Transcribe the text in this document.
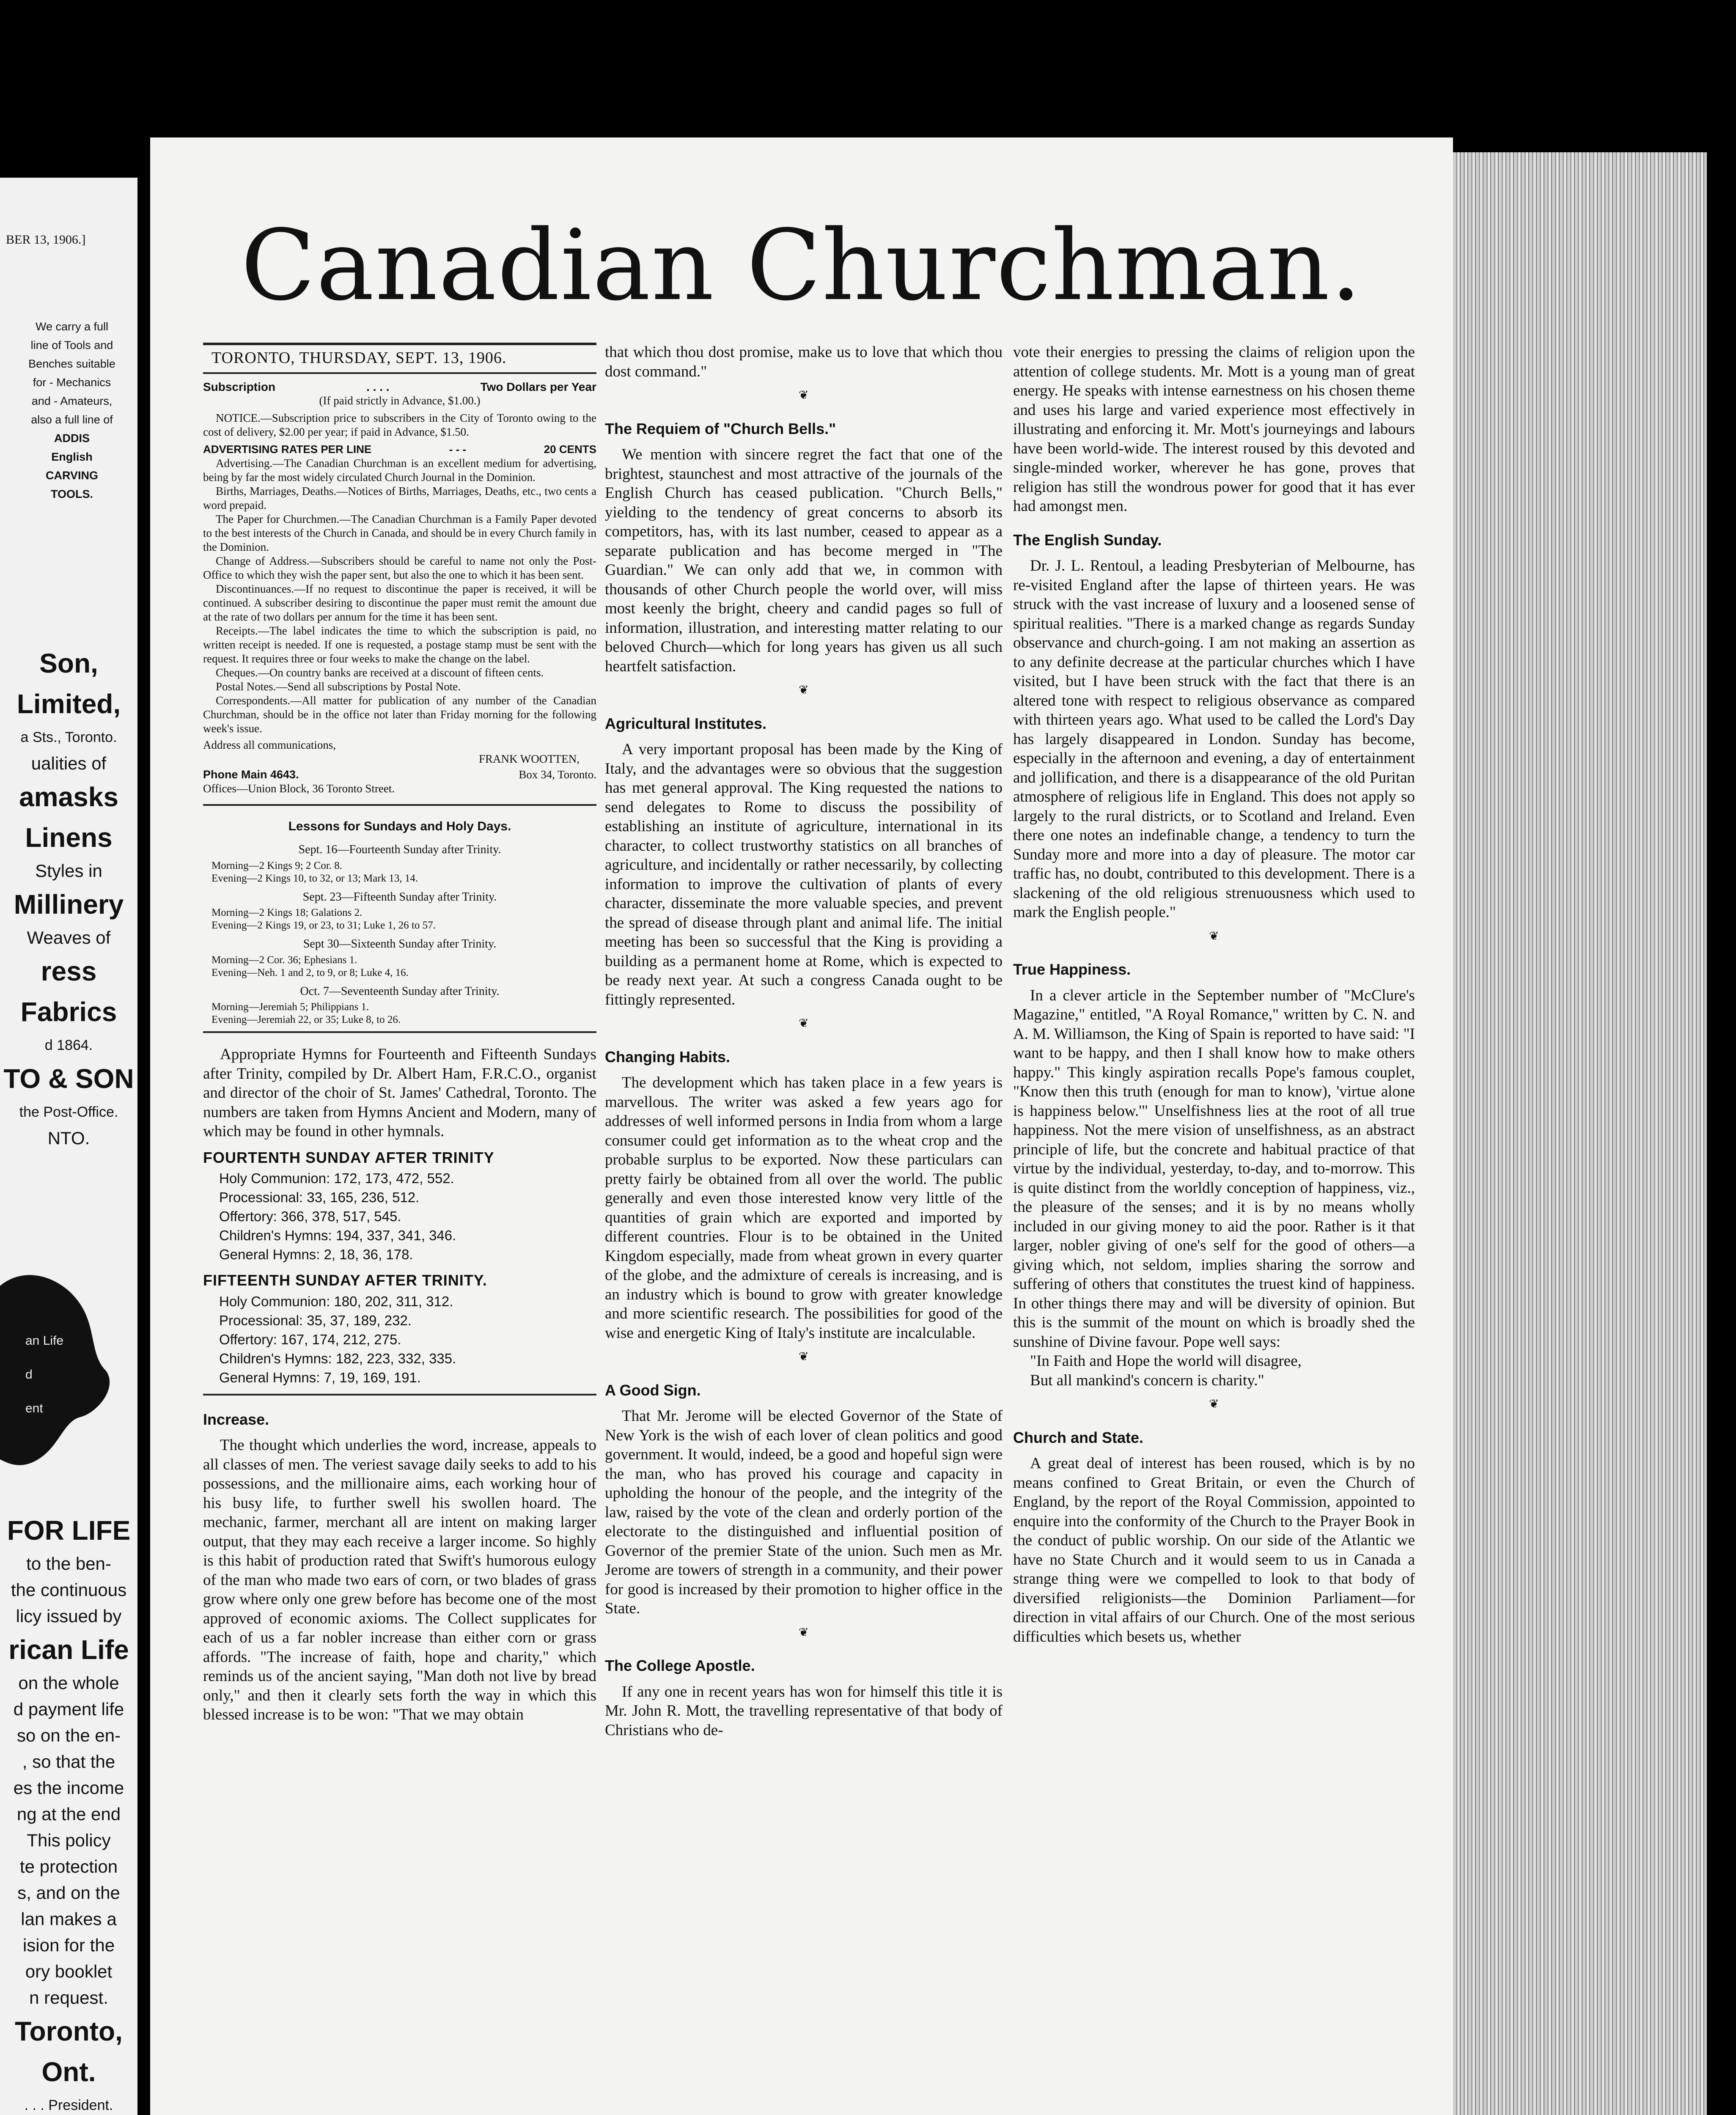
BER 13, 1906.]
We carry a full
line of Tools and
Benches suitable
for - Mechanics
and - Amateurs,
also a full line of
ADDIS
English
CARVING
TOOLS.
Son, Limited,
a Sts., Toronto.
ualities of
amasks
Linens
Styles in
Millinery
Weaves of
ress Fabrics
d 1864.
TO & SON
the Post-Office.
NTO.
an Life
d
ent
FOR LIFE
to the ben-
the continuous
licy issued by
rican Life
on the whole
d payment life
so on the en-
, so that the
es the income
ng at the end
This policy
te protection
s, and on the
lan makes a
ision for the
ory booklet
n request.
Toronto, Ont.
. . . President.
Canadian Churchman.
TORONTO, THURSDAY, SEPT. 13, 1906.
Subscription	. . . .	Two Dollars per Year
(If paid strictly in Advance, $1.00.)

NOTICE.—Subscription price to subscribers in the City of Toronto owing to the cost of delivery, $2.00 per year; if paid in Advance, $1.50.

ADVERTISING RATES PER LINE	- - -	20 CENTS

Advertising.—The Canadian Churchman is an excellent medium for advertising, being by far the most widely circulated Church Journal in the Dominion.

Births, Marriages, Deaths.—Notices of Births, Marriages, Deaths, etc., two cents a word prepaid.

The Paper for Churchmen.—The Canadian Churchman is a Family Paper devoted to the best interests of the Church in Canada, and should be in every Church family in the Dominion.

Change of Address.—Subscribers should be careful to name not only the Post-Office to which they wish the paper sent, but also the one to which it has been sent.

Discontinuances.—If no request to discontinue the paper is received, it will be continued. A subscriber desiring to discontinue the paper must remit the amount due at the rate of two dollars per annum for the time it has been sent.

Receipts.—The label indicates the time to which the subscription is paid, no written receipt is needed. If one is requested, a postage stamp must be sent with the request. It requires three or four weeks to make the change on the label.

Cheques.—On country banks are received at a discount of fifteen cents.

Postal Notes.—Send all subscriptions by Postal Note.

Correspondents.—All matter for publication of any number of the Canadian Churchman, should be in the office not later than Friday morning for the following week's issue.

Address all communications,
FRANK WOOTTEN,
Phone Main 4643.	Box 34, Toronto.
Offices—Union Block, 36 Toronto Street.
Lessons for Sundays and Holy Days.
Sept. 16—Fourteenth Sunday after Trinity.
Morning—2 Kings 9; 2 Cor. 8.
Evening—2 Kings 10, to 32, or 13; Mark 13, 14.
Sept. 23—Fifteenth Sunday after Trinity.
Morning—2 Kings 18; Galations 2.
Evening—2 Kings 19, or 23, to 31; Luke 1, 26 to 57.
Sept 30—Sixteenth Sunday after Trinity.
Morning—2 Cor. 36; Ephesians 1.
Evening—Neh. 1 and 2, to 9, or 8; Luke 4, 16.
Oct. 7—Seventeenth Sunday after Trinity.
Morning—Jeremiah 5; Philippians 1.
Evening—Jeremiah 22, or 35; Luke 8, to 26.

Appropriate Hymns for Fourteenth and Fifteenth Sundays after Trinity, compiled by Dr. Albert Ham, F.R.C.O., organist and director of the choir of St. James' Cathedral, Toronto. The numbers are taken from Hymns Ancient and Modern, many of which may be found in other hymnals.

FOURTENTH SUNDAY AFTER TRINITY
Holy Communion: 172, 173, 472, 552.
Processional: 33, 165, 236, 512.
Offertory: 366, 378, 517, 545.
Children's Hymns: 194, 337, 341, 346.
General Hymns: 2, 18, 36, 178.
FIFTEENTH SUNDAY AFTER TRINITY.
Holy Communion: 180, 202, 311, 312.
Processional: 35, 37, 189, 232.
Offertory: 167, 174, 212, 275.
Children's Hymns: 182, 223, 332, 335.
General Hymns: 7, 19, 169, 191.
Increase.

The thought which underlies the word, increase, appeals to all classes of men. The veriest savage daily seeks to add to his possessions, and the millionaire aims, each working hour of his busy life, to further swell his swollen hoard. The mechanic, farmer, merchant all are intent on making larger output, that they may each receive a larger income. So highly is this habit of production rated that Swift's humorous eulogy of the man who made two ears of corn, or two blades of grass grow where only one grew before has become one of the most approved of economic axioms. The Collect supplicates for each of us a far nobler increase than either corn or grass affords. "The increase of faith, hope and charity," which reminds us of the ancient saying, "Man doth not live by bread only," and then it clearly sets forth the way in which this blessed increase is to be won: "That we may obtain

that which thou dost promise, make us to love that which thou dost command."

❦
The Requiem of "Church Bells."

We mention with sincere regret the fact that one of the brightest, staunchest and most attractive of the journals of the English Church has ceased publication. "Church Bells," yielding to the tendency of great concerns to absorb its competitors, has, with its last number, ceased to appear as a separate publication and has become merged in "The Guardian." We can only add that we, in common with thousands of other Church people the world over, will miss most keenly the bright, cheery and candid pages so full of information, illustration, and interesting matter relating to our beloved Church—which for long years has given us all such heartfelt satisfaction.

❦
Agricultural Institutes.

A very important proposal has been made by the King of Italy, and the advantages were so obvious that the suggestion has met general approval. The King requested the nations to send delegates to Rome to discuss the possibility of establishing an institute of agriculture, international in its character, to collect trustworthy statistics on all branches of agriculture, and incidentally or rather necessarily, by collecting information to improve the cultivation of plants of every character, disseminate the more valuable species, and prevent the spread of disease through plant and animal life. The initial meeting has been so successful that the King is providing a building as a permanent home at Rome, which is expected to be ready next year. At such a congress Canada ought to be fittingly represented.

❦
Changing Habits.

The development which has taken place in a few years is marvellous. The writer was asked a few years ago for addresses of well informed persons in India from whom a large consumer could get information as to the wheat crop and the probable surplus to be exported. Now these particulars can pretty fairly be obtained from all over the world. The public generally and even those interested know very little of the quantities of grain which are exported and imported by different countries. Flour is to be obtained in the United Kingdom especially, made from wheat grown in every quarter of the globe, and the admixture of cereals is increasing, and is an industry which is bound to grow with greater knowledge and more scientific research. The possibilities for good of the wise and energetic King of Italy's institute are incalculable.

❦
A Good Sign.

That Mr. Jerome will be elected Governor of the State of New York is the wish of each lover of clean politics and good government. It would, indeed, be a good and hopeful sign were the man, who has proved his courage and capacity in upholding the honour of the people, and the integrity of the law, raised by the vote of the clean and orderly portion of the electorate to the distinguished and influential position of Governor of the premier State of the union. Such men as Mr. Jerome are towers of strength in a community, and their power for good is increased by their promotion to higher office in the State.

❦
The College Apostle.

If any one in recent years has won for himself this title it is Mr. John R. Mott, the travelling representative of that body of Christians who de-

vote their energies to pressing the claims of religion upon the attention of college students. Mr. Mott is a young man of great energy. He speaks with intense earnestness on his chosen theme and uses his large and varied experience most effectively in illustrating and enforcing it. Mr. Mott's journeyings and labours have been world-wide. The interest roused by this devoted and single-minded worker, wherever he has gone, proves that religion has still the wondrous power for good that it has ever had amongst men.

The English Sunday.

Dr. J. L. Rentoul, a leading Presbyterian of Melbourne, has re-visited England after the lapse of thirteen years. He was struck with the vast increase of luxury and a loosened sense of spiritual realities. "There is a marked change as regards Sunday observance and church-going. I am not making an assertion as to any definite decrease at the particular churches which I have visited, but I have been struck with the fact that there is an altered tone with respect to religious observance as compared with thirteen years ago. What used to be called the Lord's Day has largely disappeared in London. Sunday has become, especially in the afternoon and evening, a day of entertainment and jollification, and there is a disappearance of the old Puritan atmosphere of religious life in England. This does not apply so largely to the rural districts, or to Scotland and Ireland. Even there one notes an indefinable change, a tendency to turn the Sunday more and more into a day of pleasure. The motor car traffic has, no doubt, contributed to this development. There is a slackening of the old religious strenuousness which used to mark the English people."

❦
True Happiness.

In a clever article in the September number of "McClure's Magazine," entitled, "A Royal Romance," written by C. N. and A. M. Williamson, the King of Spain is reported to have said: "I want to be happy, and then I shall know how to make others happy." This kingly aspiration recalls Pope's famous couplet, "Know then this truth (enough for man to know), 'virtue alone is happiness below.'" Unselfishness lies at the root of all true happiness. Not the mere vision of unselfishness, as an abstract principle of life, but the concrete and habitual practice of that virtue by the individual, yesterday, to-day, and to-morrow. This is quite distinct from the worldly conception of happiness, viz., the pleasure of the senses; and it is by no means wholly included in our giving money to aid the poor. Rather is it that larger, nobler giving of one's self for the good of others—a giving which, not seldom, implies sharing the sorrow and suffering of others that constitutes the truest kind of happiness. In other things there may and will be diversity of opinion. But this is the summit of the mount on which is broadly shed the sunshine of Divine favour. Pope well says:

"In Faith and Hope the world will disagree,

But all mankind's concern is charity."

❦
Church and State.

A great deal of interest has been roused, which is by no means confined to Great Britain, or even the Church of England, by the report of the Royal Commission, appointed to enquire into the conformity of the Church to the Prayer Book in the conduct of public worship. On our side of the Atlantic we have no State Church and it would seem to us in Canada a strange thing were we compelled to look to that body of diversified religionists—the Dominion Parliament—for direction in vital affairs of our Church. One of the most serious difficulties which besets us, whether
